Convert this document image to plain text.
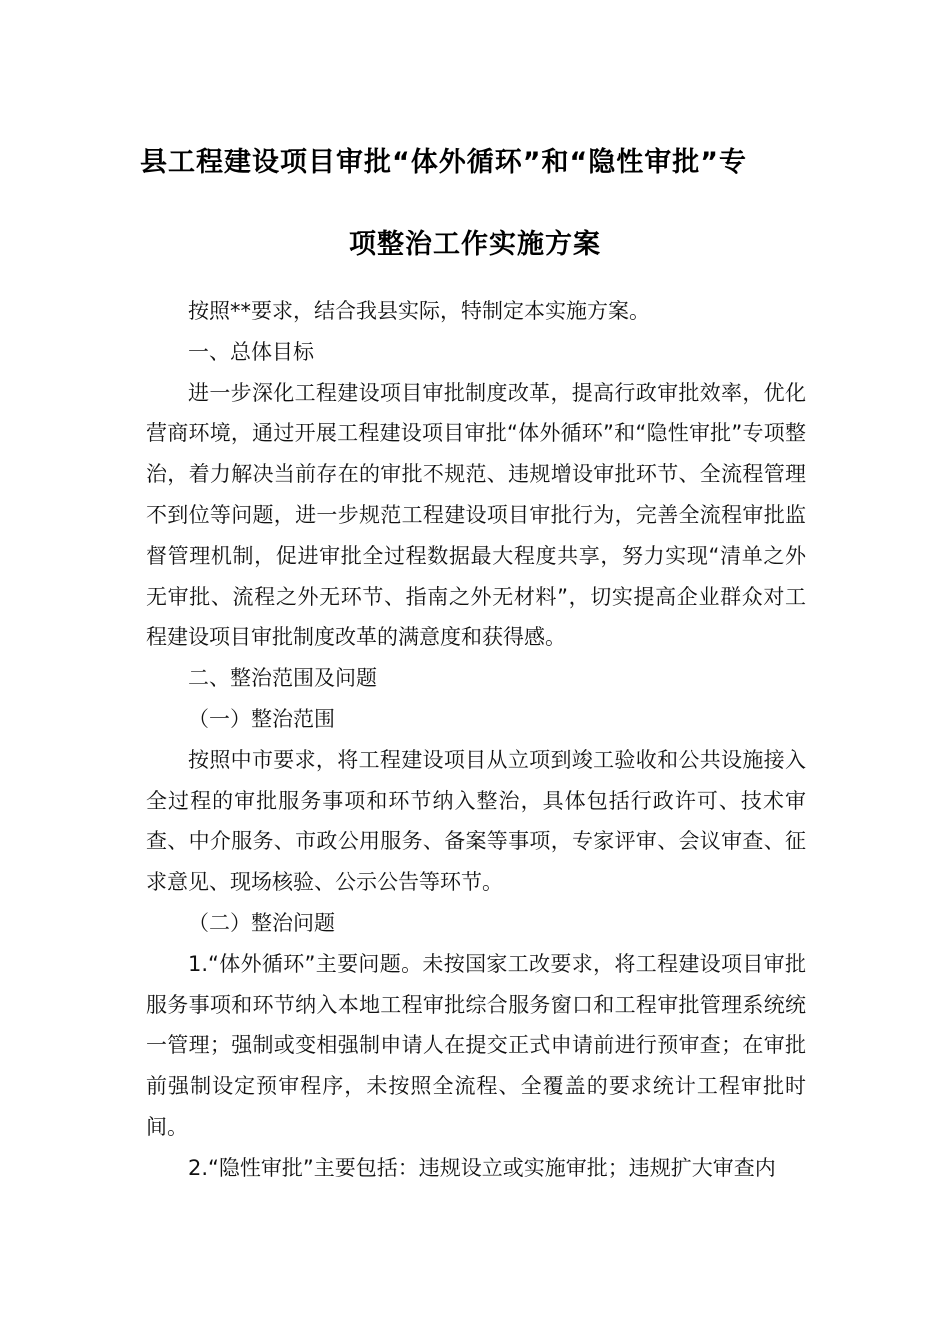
县工程建设项目审批“体外循环”和“隐性审批”专
项整治工作实施方案

按照**要求，结合我县实际，特制定本实施方案。

一、总体目标

进一步深化工程建设项目审批制度改革，提高行政审批效率，优化营商环境，通过开展工程建设项目审批“体外循环”和“隐性审批”专项整治，着力解决当前存在的审批不规范、违规增设审批环节、全流程管理不到位等问题，进一步规范工程建设项目审批行为，完善全流程审批监督管理机制，促进审批全过程数据最大程度共享，努力实现“清单之外无审批、流程之外无环节、指南之外无材料”，切实提高企业群众对工程建设项目审批制度改革的满意度和获得感。

二、整治范围及问题

（一）整治范围

按照中市要求，将工程建设项目从立项到竣工验收和公共设施接入全过程的审批服务事项和环节纳入整治，具体包括行政许可、技术审查、中介服务、市政公用服务、备案等事项，专家评审、会议审查、征求意见、现场核验、公示公告等环节。

（二）整治问题

1.“体外循环”主要问题。未按国家工改要求，将工程建设项目审批服务事项和环节纳入本地工程审批综合服务窗口和工程审批管理系统统一管理；强制或变相强制申请人在提交正式申请前进行预审查；在审批前强制设定预审程序，未按照全流程、全覆盖的要求统计工程审批时间。

2.“隐性审批”主要包括：违规设立或实施审批；违规扩大审查内
